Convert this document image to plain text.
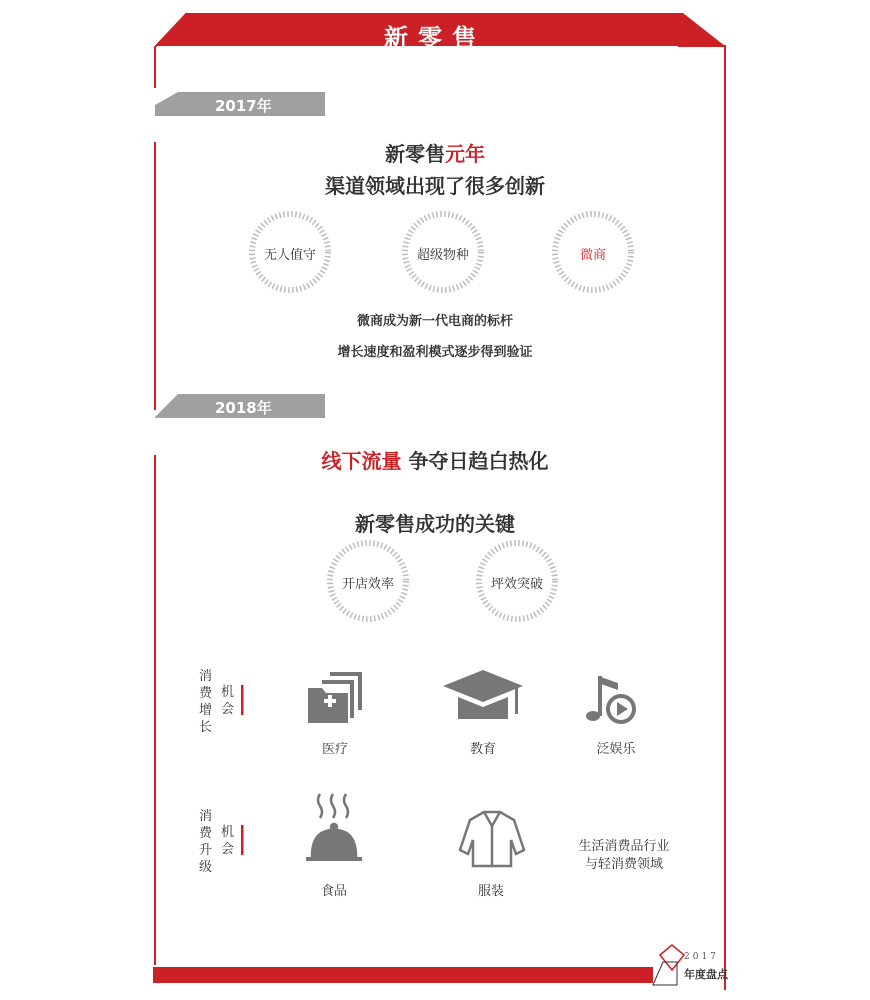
新零售
2017年
新零售元年
渠道领域出现了很多创新
无人值守	超级物种	微商
微商成为新一代电商的标杆
增长速度和盈利模式逐步得到验证
2018年
线下流量 争夺日趋白热化
新零售成功的关键
开店效率	坪效突破
消
费
增
长
机
会
医疗	教育	泛娱乐
消
费
升
级
机
会
食品	服装
生活消费品行业
与轻消费领域
2017
年度盘点
